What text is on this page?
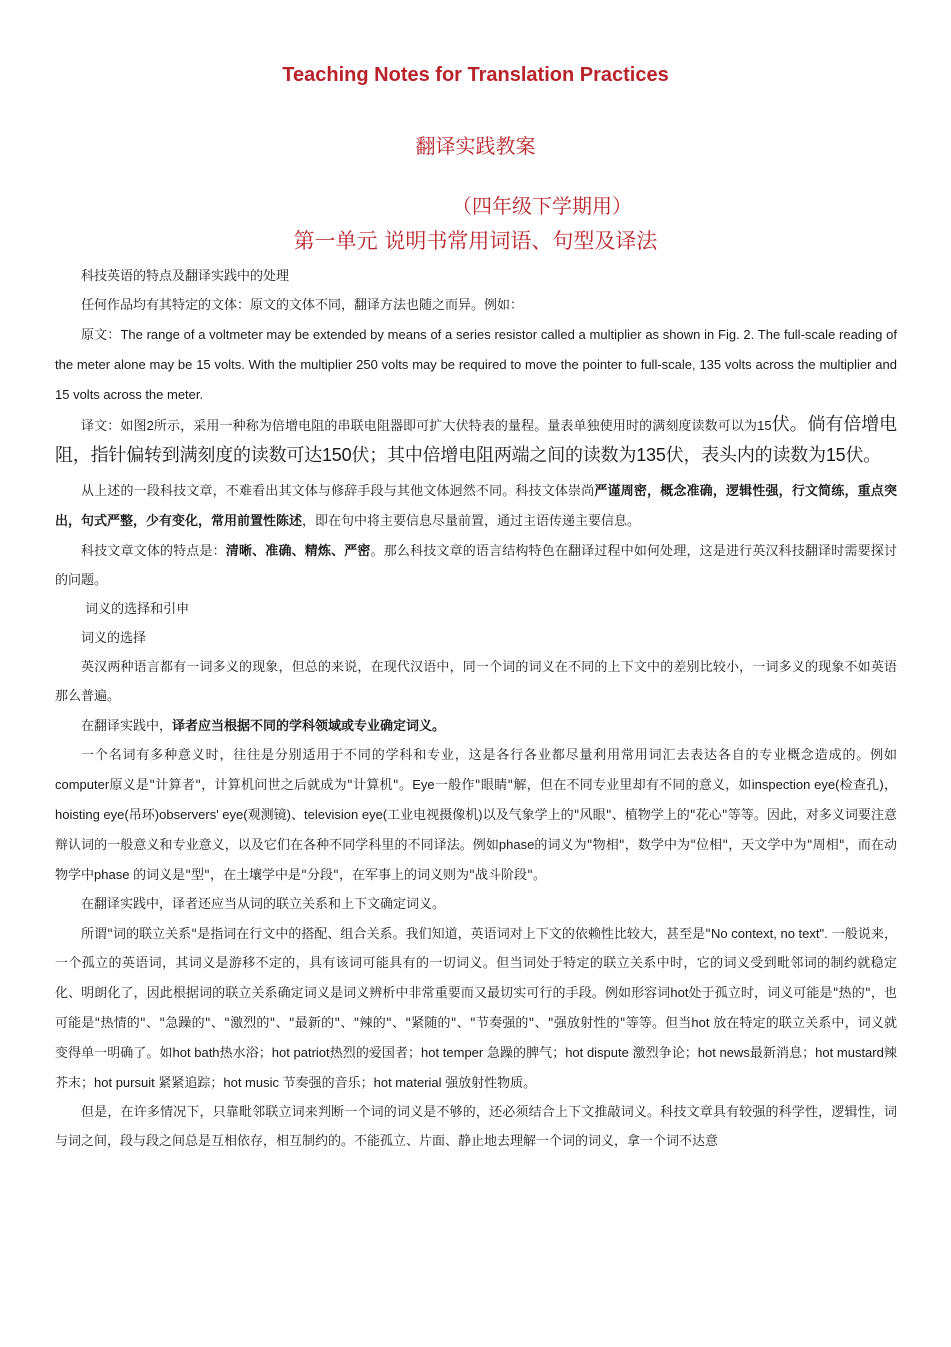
Teaching Notes for Translation Practices
翻译实践教案
（四年级下学期用）
第一单元 说明书常用词语、句型及译法

科技英语的特点及翻译实践中的处理

任何作品均有其特定的文体：原文的文体不同，翻译方法也随之而异。例如：

原文：The range of a voltmeter may be extended by means of a series resistor called a multiplier as shown in Fig. 2. The full-scale reading of the meter alone may be 15 volts. With the multiplier 250 volts may be required to move the pointer to full-scale, 135 volts across the multiplier and 15 volts across the meter.

译文：如图2所示，采用一种称为倍增电阻的串联电阻器即可扩大伏特表的量程。量表单独使用时的满刻度读数可以为15伏。倘有倍增电阻，指针偏转到满刻度的读数可达150伏；其中倍增电阻两端之间的读数为135伏，表头内的读数为15伏。

从上述的一段科技文章，不难看出其文体与修辞手段与其他文体迥然不同。科技文体崇尚严谨周密，概念准确，逻辑性强，行文简练，重点突出，句式严整，少有变化，常用前置性陈述，即在句中将主要信息尽量前置，通过主语传递主要信息。

科技文章文体的特点是：清晰、准确、精炼、严密。那么科技文章的语言结构特色在翻译过程中如何处理，这是进行英汉科技翻译时需要探讨的问题。

词义的选择和引申

词义的选择

英汉两种语言都有一词多义的现象，但总的来说，在现代汉语中，同一个词的词义在不同的上下文中的差别比较小，一词多义的现象不如英语那么普遍。

在翻译实践中，译者应当根据不同的学科领域或专业确定词义。

一个名词有多种意义时，往往是分别适用于不同的学科和专业，这是各行各业都尽量利用常用词汇去表达各自的专业概念造成的。例如computer原义是"计算者"，计算机问世之后就成为"计算机"。Eye一般作"眼睛"解，但在不同专业里却有不同的意义，如inspection eye(检查孔)，hoisting eye(吊环)observers' eye(观测镜)、television eye(工业电视摄像机)以及气象学上的"风眼"、植物学上的"花心"等等。因此，对多义词要注意辩认词的一般意义和专业意义，以及它们在各种不同学科里的不同译法。例如phase的词义为"物相"，数学中为"位相"，天文学中为"周相"，而在动物学中phase 的词义是"型"，在土壤学中是"分段"，在军事上的词义则为"战斗阶段"。

在翻译实践中，译者还应当从词的联立关系和上下文确定词义。

所谓"词的联立关系"是指词在行文中的搭配、组合关系。我们知道，英语词对上下文的依赖性比较大，甚至是"No context, no text". 一般说来，一个孤立的英语词，其词义是游移不定的，具有该词可能具有的一切词义。但当词处于特定的联立关系中时，它的词义受到毗邻词的制约就稳定化、明朗化了，因此根据词的联立关系确定词义是词义辨析中非常重要而又最切实可行的手段。例如形容词hot处于孤立时，词义可能是"热的"，也可能是"热情的"、"急躁的"、"激烈的"、"最新的"、"辣的"、"紧随的"、"节奏强的"、"强放射性的"等等。但当hot 放在特定的联立关系中，词义就变得单一明确了。如hot bath热水浴；hot patriot热烈的爱国者；hot temper 急躁的脾气；hot dispute 激烈争论；hot news最新消息；hot mustard辣芥末；hot pursuit 紧紧追踪；hot music 节奏强的音乐；hot material 强放射性物质。

但是，在许多情况下，只靠毗邻联立词来判断一个词的词义是不够的，还必须结合上下文推敲词义。科技文章具有较强的科学性，逻辑性，词与词之间，段与段之间总是互相依存，相互制约的。不能孤立、片面、静止地去理解一个词的词义，拿一个词不达意
